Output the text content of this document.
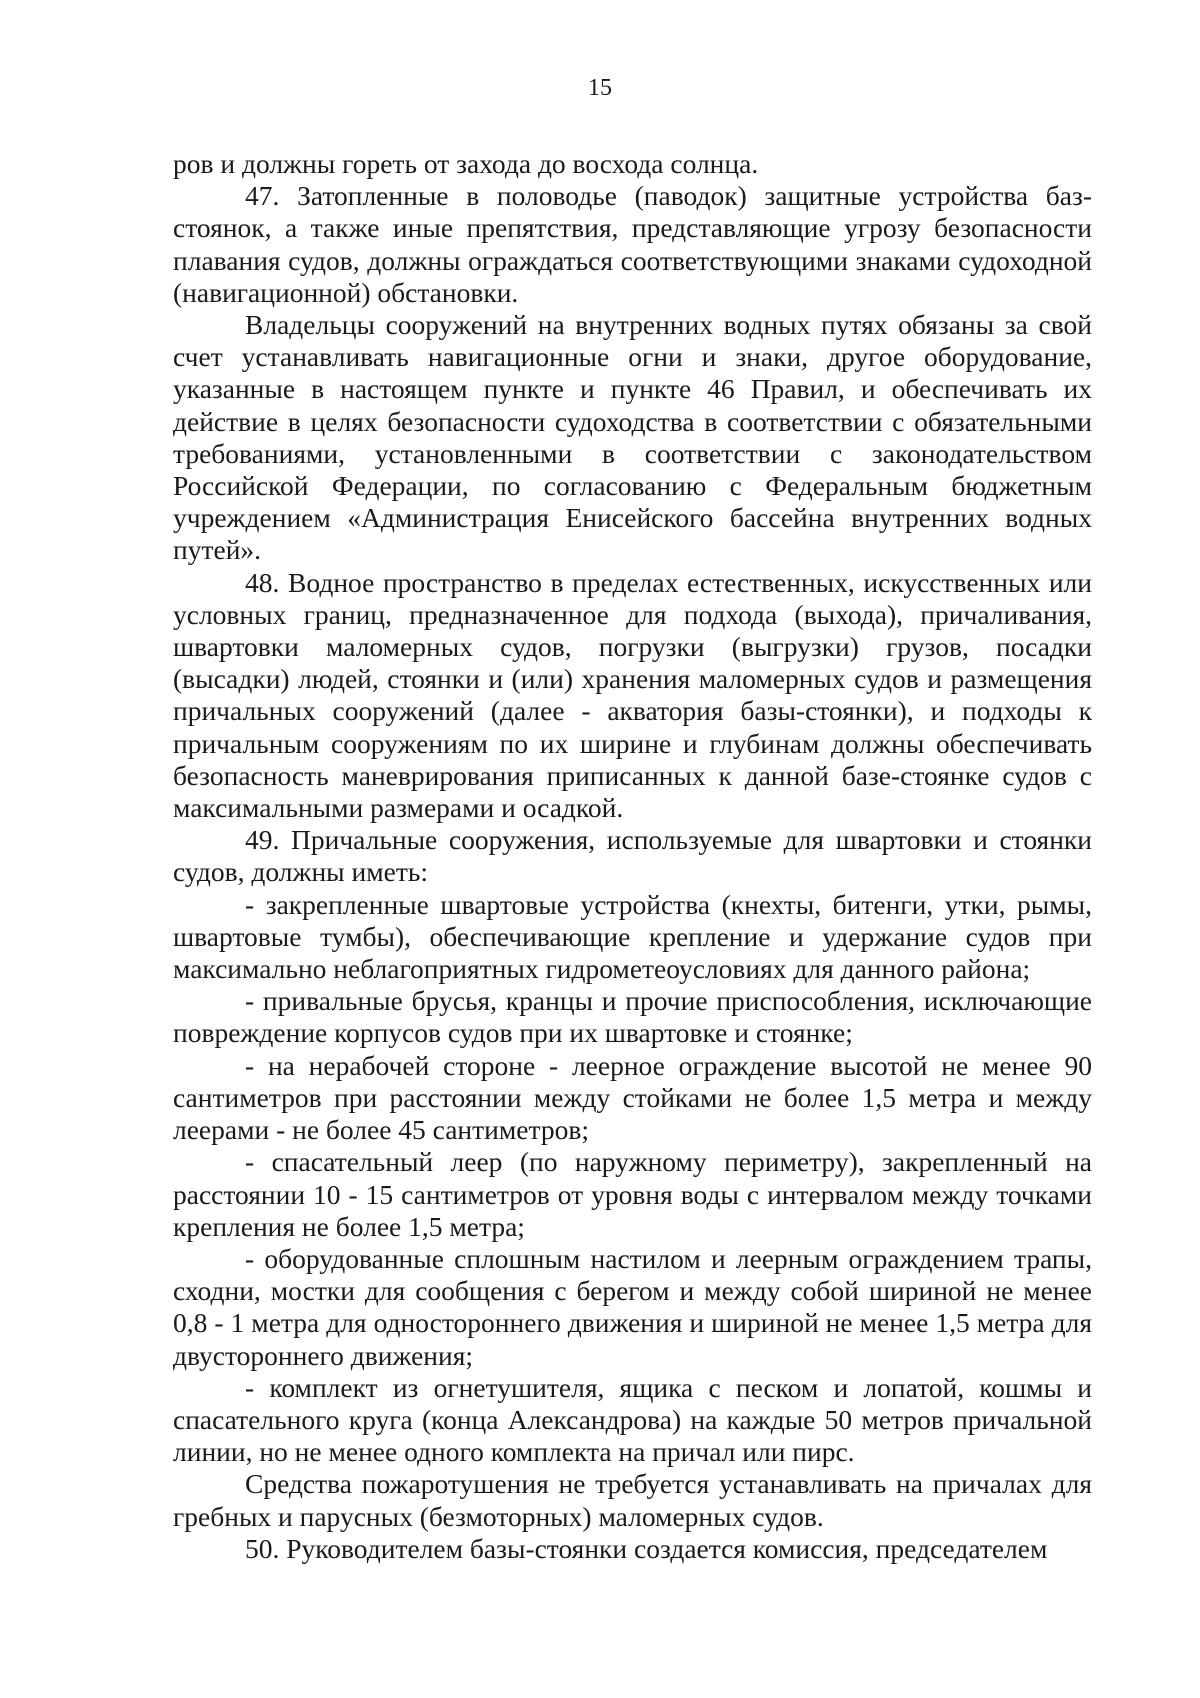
15

ров и должны гореть от захода до восхода солнца.

47. Затопленные в половодье (паводок) защитные устройства баз-стоянок, а также иные препятствия, представляющие угрозу безопасности плавания судов, должны ограждаться соответствующими знаками судоходной (навигационной) обстановки.

Владельцы сооружений на внутренних водных путях обязаны за свой счет устанавливать навигационные огни и знаки, другое оборудование, указанные в настоящем пункте и пункте 46 Правил, и обеспечивать их действие в целях безопасности судоходства в соответствии с обязательными требованиями, установленными в соответствии с законодательством Российской Федерации, по согласованию с Федеральным бюджетным учреждением «Администрация Енисейского бассейна внутренних водных путей».

48. Водное пространство в пределах естественных, искусственных или условных границ, предназначенное для подхода (выхода), причаливания, швартовки маломерных судов, погрузки (выгрузки) грузов, посадки (высадки) людей, стоянки и (или) хранения маломерных судов и размещения причальных сооружений (далее - акватория базы-стоянки), и подходы к причальным сооружениям по их ширине и глубинам должны обеспечивать безопасность маневрирования приписанных к данной базе-стоянке судов с максимальными размерами и осадкой.

49. Причальные сооружения, используемые для швартовки и стоянки судов, должны иметь:

- закрепленные швартовые устройства (кнехты, битенги, утки, рымы, швартовые тумбы), обеспечивающие крепление и удержание судов при максимально неблагоприятных гидрометеоусловиях для данного района;

- привальные брусья, кранцы и прочие приспособления, исключающие повреждение корпусов судов при их швартовке и стоянке;

- на нерабочей стороне - леерное ограждение высотой не менее 90 сантиметров при расстоянии между стойками не более 1,5 метра и между леерами - не более 45 сантиметров;

- спасательный леер (по наружному периметру), закрепленный на расстоянии 10 - 15 сантиметров от уровня воды с интервалом между точками крепления не более 1,5 метра;

- оборудованные сплошным настилом и леерным ограждением трапы, сходни, мостки для сообщения с берегом и между собой шириной не менее 0,8 - 1 метра для одностороннего движения и шириной не менее 1,5 метра для двустороннего движения;

- комплект из огнетушителя, ящика с песком и лопатой, кошмы и спасательного круга (конца Александрова) на каждые 50 метров причальной линии, но не менее одного комплекта на причал или пирс.

Средства пожаротушения не требуется устанавливать на причалах для гребных и парусных (безмоторных) маломерных судов.

50. Руководителем базы-стоянки создается комиссия, председателем
